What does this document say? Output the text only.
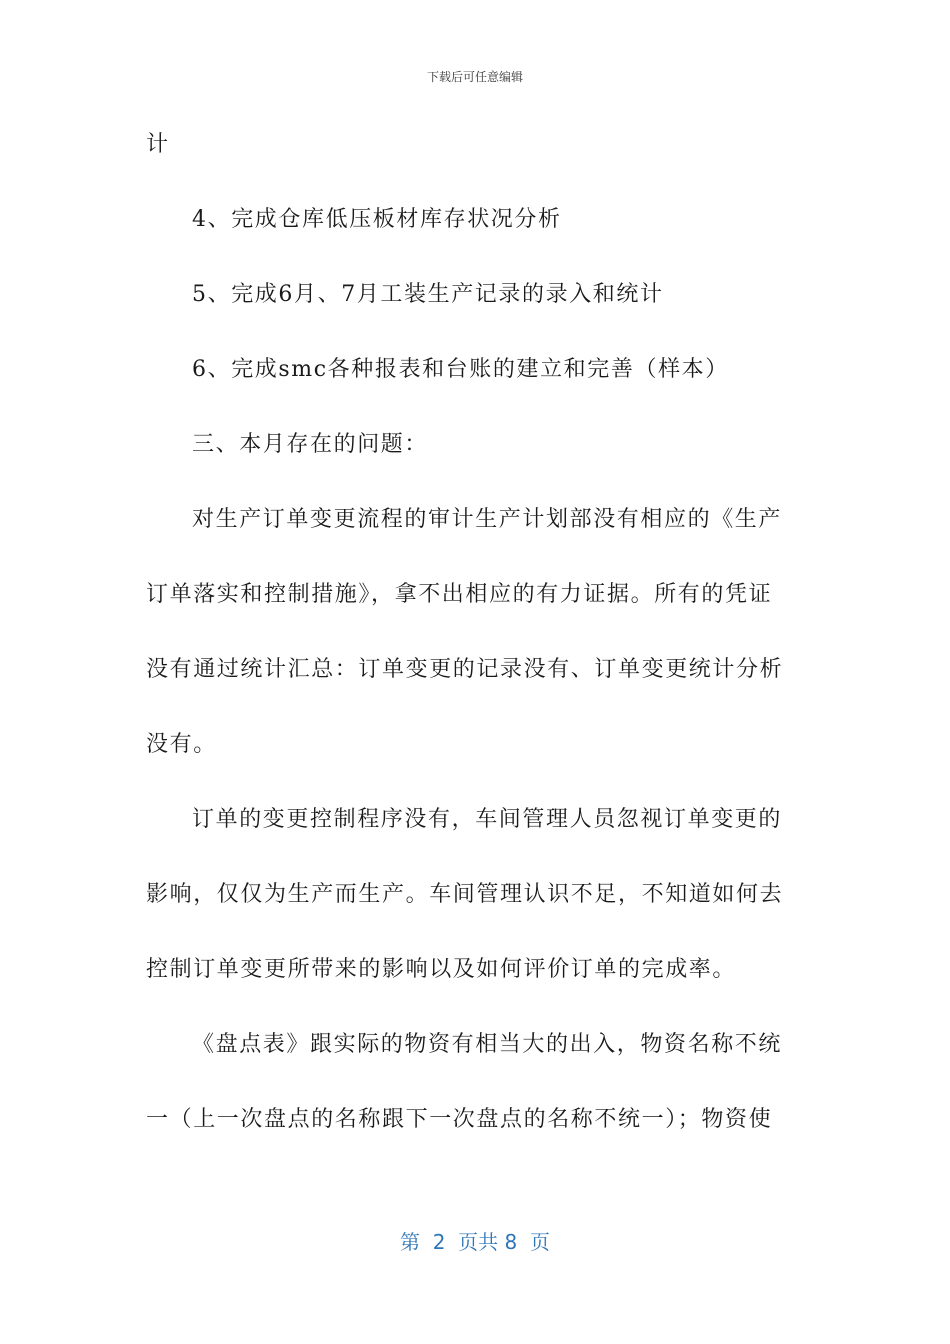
下载后可任意编辑
计
4、完成仓库低压板材库存状况分析
5、完成6月、7月工装生产记录的录入和统计
6、完成smc各种报表和台账的建立和完善（样本）
三、本月存在的问题：
对生产订单变更流程的审计生产计划部没有相应的《生产
订单落实和控制措施》，拿不出相应的有力证据。所有的凭证
没有通过统计汇总：订单变更的记录没有、订单变更统计分析
没有。
订单的变更控制程序没有，车间管理人员忽视订单变更的
影响，仅仅为生产而生产。车间管理认识不足，不知道如何去
控制订单变更所带来的影响以及如何评价订单的完成率。
《盘点表》跟实际的物资有相当大的出入，物资名称不统
一（上一次盘点的名称跟下一次盘点的名称不统一）；物资使
第  2  页共 8  页
